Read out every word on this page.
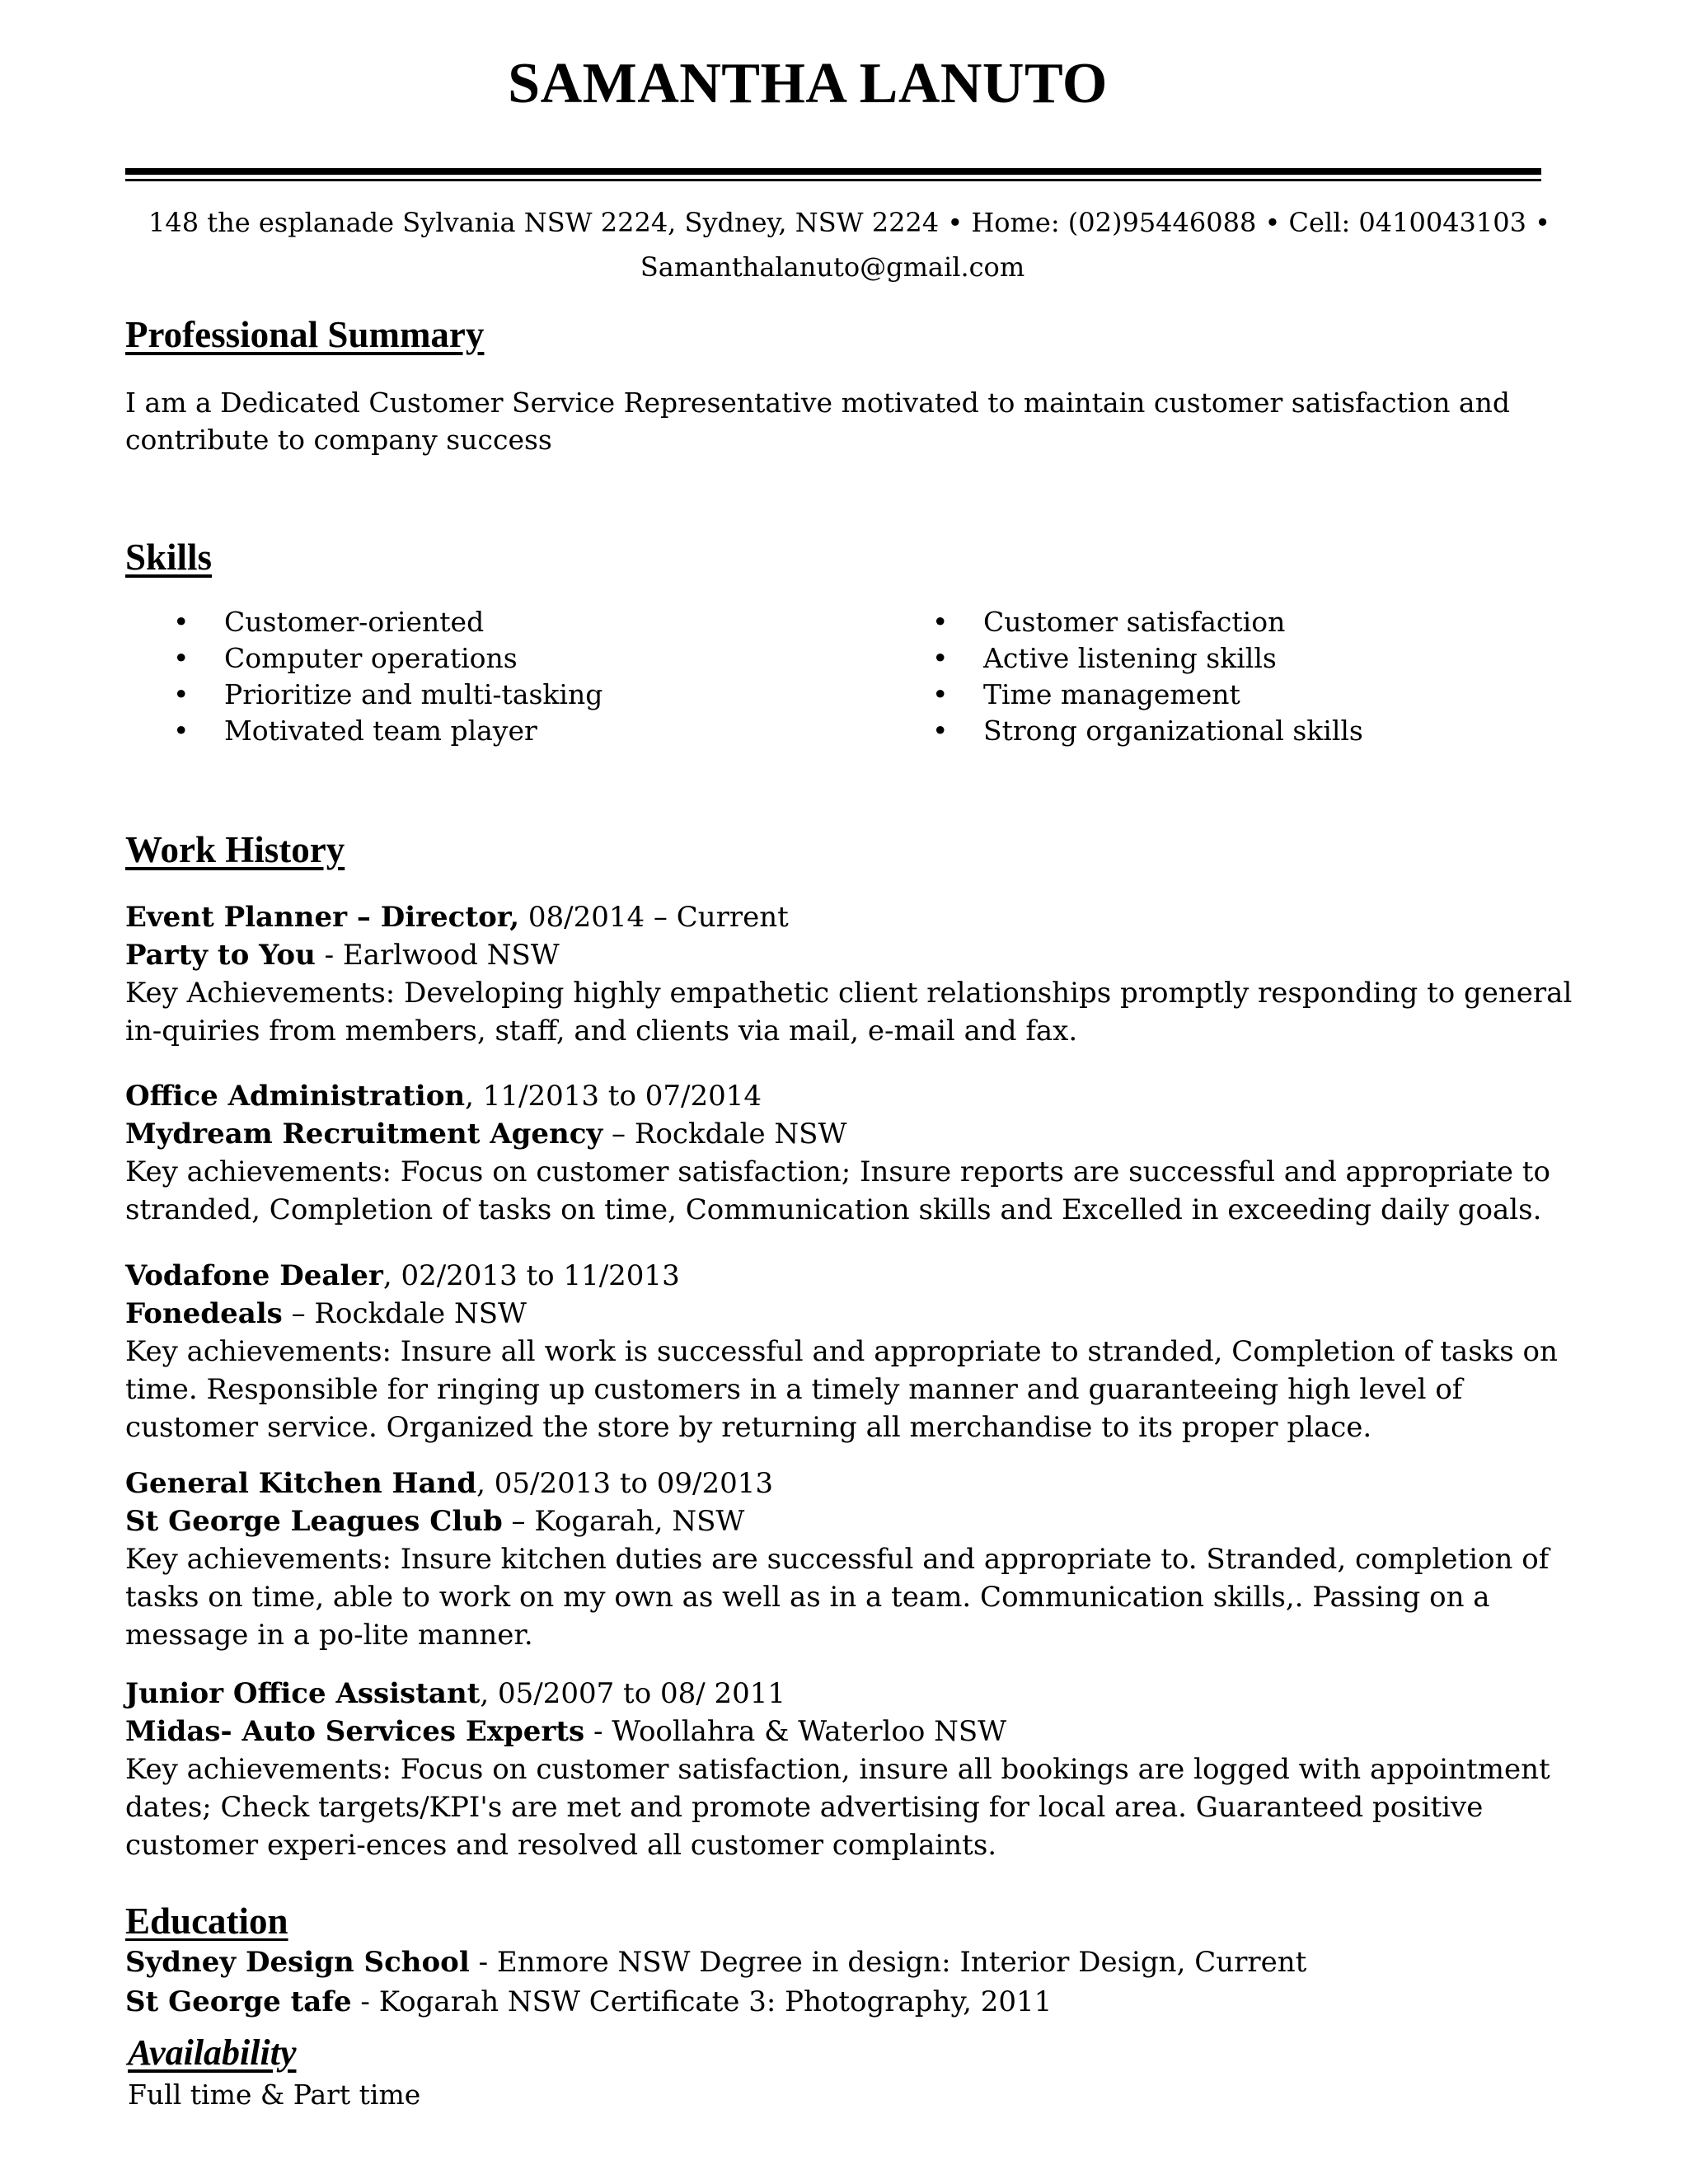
SAMANTHA LANUTO
148 the esplanade Sylvania NSW 2224, Sydney, NSW 2224 • Home: (02)95446088 • Cell: 0410043103 •
Samanthalanuto@gmail.com
Professional Summary

I am a Dedicated Customer Service Representative motivated to maintain customer satisfaction and contribute to company success

Skills
• Customer-oriented
• Computer operations
• Prioritize and multi-tasking
• Motivated team player
• Customer satisfaction
• Active listening skills
• Time management
• Strong organizational skills
Work History
Event Planner – Director, 08/2014 – Current
Party to You - Earlwood NSW
Key Achievements: Developing highly empathetic client relationships promptly responding to general in-quiries from members, staff, and clients via mail, e-mail and fax.
Office Administration, 11/2013 to 07/2014
Mydream Recruitment Agency – Rockdale NSW
Key achievements: Focus on customer satisfaction; Insure reports are successful and appropriate to stranded, Completion of tasks on time, Communication skills and Excelled in exceeding daily goals.
Vodafone Dealer, 02/2013 to 11/2013
Fonedeals – Rockdale NSW
Key achievements: Insure all work is successful and appropriate to stranded, Completion of tasks on time. Responsible for ringing up customers in a timely manner and guaranteeing high level of customer service. Organized the store by returning all merchandise to its proper place.
General Kitchen Hand, 05/2013 to 09/2013
St George Leagues Club – Kogarah, NSW
Key achievements: Insure kitchen duties are successful and appropriate to. Stranded, completion of tasks on time, able to work on my own as well as in a team. Communication skills,. Passing on a message in a po-lite manner.
Junior Office Assistant, 05/2007 to 08/ 2011
Midas- Auto Services Experts - Woollahra & Waterloo NSW
Key achievements: Focus on customer satisfaction, insure all bookings are logged with appointment dates; Check targets/KPI's are met and promote advertising for local area. Guaranteed positive customer experi-ences and resolved all customer complaints.
Education
Sydney Design School - Enmore NSW Degree in design: Interior Design, Current
St George tafe - Kogarah NSW Certificate 3: Photography, 2011
Availability

Full time & Part time
